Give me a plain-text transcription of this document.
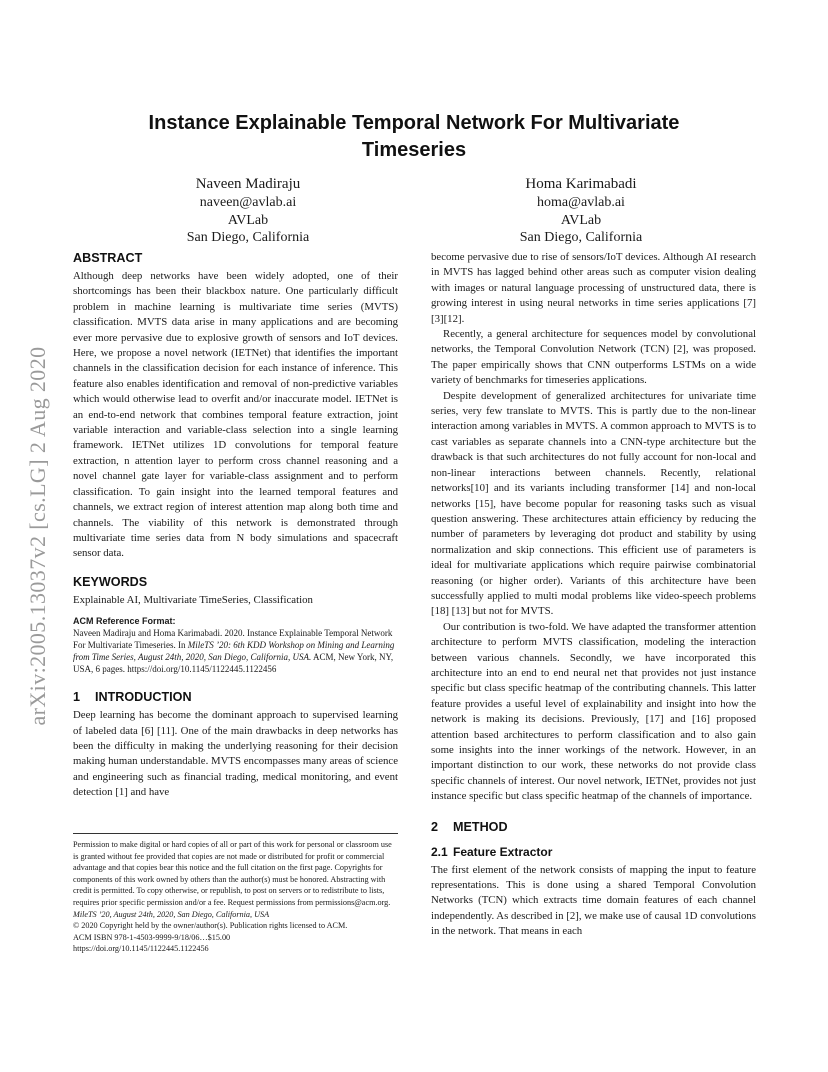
arXiv:2005.13037v2 [cs.LG] 2 Aug 2020
Instance Explainable Temporal Network For Multivariate Timeseries
Naveen Madiraju
naveen@avlab.ai
AVLab
San Diego, California
Homa Karimabadi
homa@avlab.ai
AVLab
San Diego, California
ABSTRACT

Although deep networks have been widely adopted, one of their shortcomings has been their blackbox nature. One particularly difficult problem in machine learning is multivariate time series (MVTS) classification. MVTS data arise in many applications and are becoming ever more pervasive due to explosive growth of sensors and IoT devices. Here, we propose a novel network (IETNet) that identifies the important channels in the classification decision for each instance of inference. This feature also enables identification and removal of non-predictive variables which would otherwise lead to overfit and/or inaccurate model. IETNet is an end-to-end network that combines temporal feature extraction, joint variable interaction and variable-class selection into a single learning framework. IETNet utilizes 1D convolutions for temporal feature extraction, n attention layer to perform cross channel reasoning and a novel channel gate layer for variable-class assignment and to perform classification. To gain insight into the learned temporal features and channels, we extract region of interest attention map along both time and channels. The viability of this network is demonstrated through multivariate time series data from N body simulations and spacecraft sensor data.

KEYWORDS

Explainable AI, Multivariate TimeSeries, Classification

ACM Reference Format:
Naveen Madiraju and Homa Karimabadi. 2020. Instance Explainable Temporal Network For Multivariate Timeseries. In MileTS ’20: 6th KDD Workshop on Mining and Learning from Time Series, August 24th, 2020, San Diego, California, USA. ACM, New York, NY, USA, 6 pages. https://doi.org/10.1145/1122445.1122456
1 INTRODUCTION

Deep learning has become the dominant approach to supervised learning of labeled data [6] [11]. One of the main drawbacks in deep networks has been the difficulty in making the underlying reasoning for their decision making human understandable. MVTS encompasses many areas of science and engineering such as financial trading, medical monitoring, and event detection [1] and have

Permission to make digital or hard copies of all or part of this work for personal or classroom use is granted without fee provided that copies are not made or distributed for profit or commercial advantage and that copies bear this notice and the full citation on the first page. Copyrights for components of this work owned by others than the author(s) must be honored. Abstracting with credit is permitted. To copy otherwise, or republish, to post on servers or to redistribute to lists, requires prior specific permission and/or a fee. Request permissions from permissions@acm.org.
MileTS ’20, August 24th, 2020, San Diego, California, USA
© 2020 Copyright held by the owner/author(s). Publication rights licensed to ACM.
ACM ISBN 978-1-4503-9999-9/18/06…$15.00
https://doi.org/10.1145/1122445.1122456

become pervasive due to rise of sensors/IoT devices. Although AI research in MVTS has lagged behind other areas such as computer vision dealing with images or natural language processing of unstructured data, there is growing interest in using neural networks in time series applications [7] [3][12].

Recently, a general architecture for sequences model by convolutional networks, the Temporal Convolution Network (TCN) [2], was proposed. The paper empirically shows that CNN outperforms LSTMs on a wide variety of benchmarks for timeseries applications.

Despite development of generalized architectures for univariate time series, very few translate to MVTS. This is partly due to the non-linear interaction among variables in MVTS. A common approach to MVTS is to cast variables as separate channels into a CNN-type architecture but the drawback is that such architectures do not fully account for non-local and non-linear interactions between channels. Recently, relational networks[10] and its variants including transformer [14] and non-local networks [15], have become popular for reasoning tasks such as visual question answering. These architectures attain efficiency by reducing the number of parameters by leveraging dot product and stability by using normalization and skip connections. This efficient use of parameters is ideal for multivariate applications which require pairwise combinatorial reasoning (or higher order). Variants of this architecture have been successfully applied to multi modal problems like video-speech problems [18] [13] but not for MVTS.

Our contribution is two-fold. We have adapted the transformer attention architecture to perform MVTS classification, modeling the interaction between various channels. Secondly, we have incorporated this architecture into an end to end neural net that provides not just instance specific but class specific heatmap of the contributing channels. This latter feature provides a useful level of explainability and insight into how the network is making its decisions. Previously, [17] and [16] proposed attention based architectures to perform classification and to also gain some insights into the inner workings of the network. However, in an important distinction to our work, these networks do not provide class specific channels of interest. Our novel network, IETNet, provides not just instance specific but class specific heatmap of the channels of importance.

2 METHOD
2.1 Feature Extractor

The first element of the network consists of mapping the input to feature representations. This is done using a shared Temporal Convolution Networks (TCN) which extracts time domain features of each channel independently. As described in [2], we make use of causal 1D convolutions in the network. That means in each
